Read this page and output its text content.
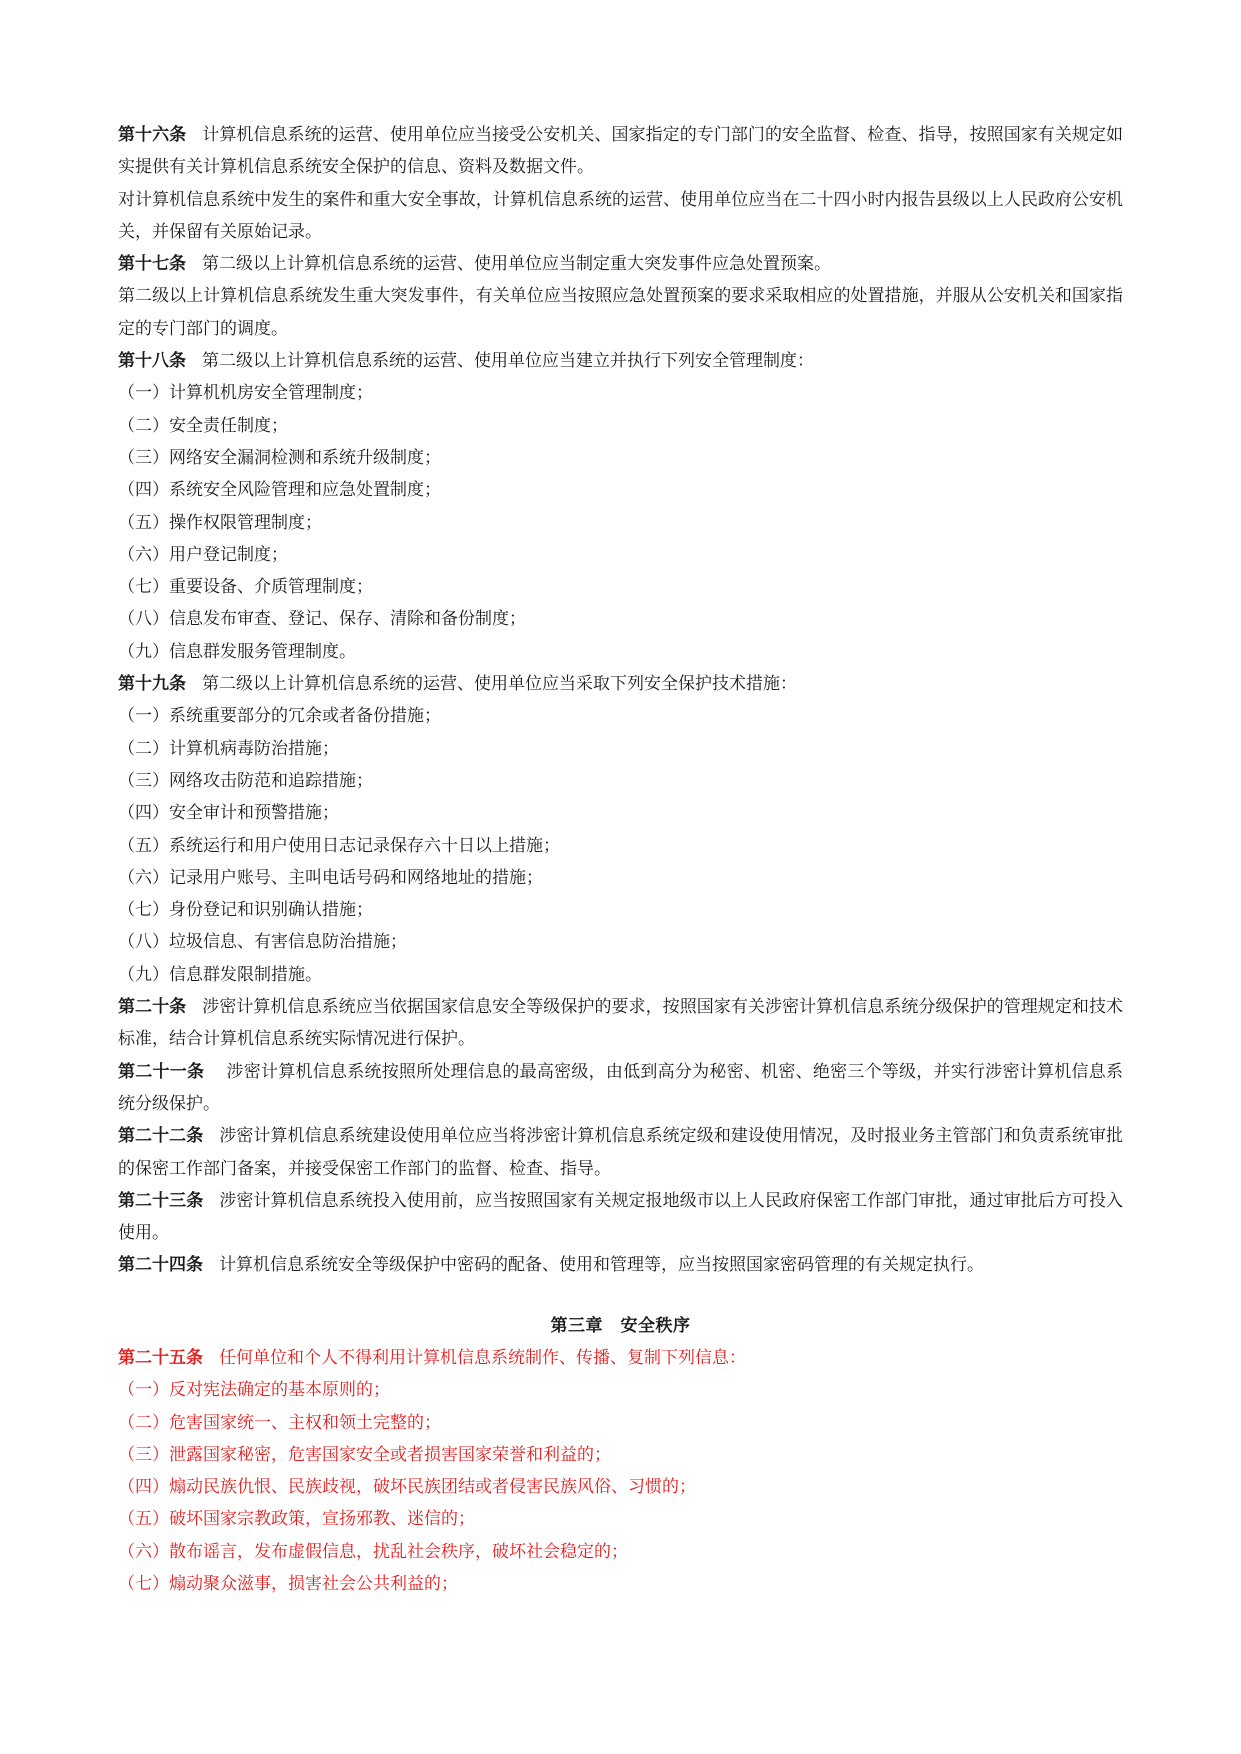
第十六条 计算机信息系统的运营、使用单位应当接受公安机关、国家指定的专门部门的安全监督、检查、指导，按照国家有关规定如实提供有关计算机信息系统安全保护的信息、资料及数据文件。

对计算机信息系统中发生的案件和重大安全事故，计算机信息系统的运营、使用单位应当在二十四小时内报告县级以上人民政府公安机关，并保留有关原始记录。

第十七条 第二级以上计算机信息系统的运营、使用单位应当制定重大突发事件应急处置预案。

第二级以上计算机信息系统发生重大突发事件，有关单位应当按照应急处置预案的要求采取相应的处置措施，并服从公安机关和国家指定的专门部门的调度。

第十八条 第二级以上计算机信息系统的运营、使用单位应当建立并执行下列安全管理制度：

（一）计算机机房安全管理制度；

（二）安全责任制度；

（三）网络安全漏洞检测和系统升级制度；

（四）系统安全风险管理和应急处置制度；

（五）操作权限管理制度；

（六）用户登记制度；

（七）重要设备、介质管理制度；

（八）信息发布审查、登记、保存、清除和备份制度；

（九）信息群发服务管理制度。

第十九条 第二级以上计算机信息系统的运营、使用单位应当采取下列安全保护技术措施：

（一）系统重要部分的冗余或者备份措施；

（二）计算机病毒防治措施；

（三）网络攻击防范和追踪措施；

（四）安全审计和预警措施；

（五）系统运行和用户使用日志记录保存六十日以上措施；

（六）记录用户账号、主叫电话号码和网络地址的措施；

（七）身份登记和识别确认措施；

（八）垃圾信息、有害信息防治措施；

（九）信息群发限制措施。

第二十条 涉密计算机信息系统应当依据国家信息安全等级保护的要求，按照国家有关涉密计算机信息系统分级保护的管理规定和技术标准，结合计算机信息系统实际情况进行保护。

第二十一条 涉密计算机信息系统按照所处理信息的最高密级，由低到高分为秘密、机密、绝密三个等级，并实行涉密计算机信息系统分级保护。

第二十二条 涉密计算机信息系统建设使用单位应当将涉密计算机信息系统定级和建设使用情况，及时报业务主管部门和负责系统审批的保密工作部门备案，并接受保密工作部门的监督、检查、指导。

第二十三条 涉密计算机信息系统投入使用前，应当按照国家有关规定报地级市以上人民政府保密工作部门审批，通过审批后方可投入使用。

第二十四条 计算机信息系统安全等级保护中密码的配备、使用和管理等，应当按照国家密码管理的有关规定执行。

第三章　安全秩序

第二十五条 任何单位和个人不得利用计算机信息系统制作、传播、复制下列信息：

（一）反对宪法确定的基本原则的；

（二）危害国家统一、主权和领土完整的；

（三）泄露国家秘密，危害国家安全或者损害国家荣誉和利益的；

（四）煽动民族仇恨、民族歧视，破坏民族团结或者侵害民族风俗、习惯的；

（五）破坏国家宗教政策，宣扬邪教、迷信的；

（六）散布谣言，发布虚假信息，扰乱社会秩序，破坏社会稳定的；

（七）煽动聚众滋事，损害社会公共利益的；
